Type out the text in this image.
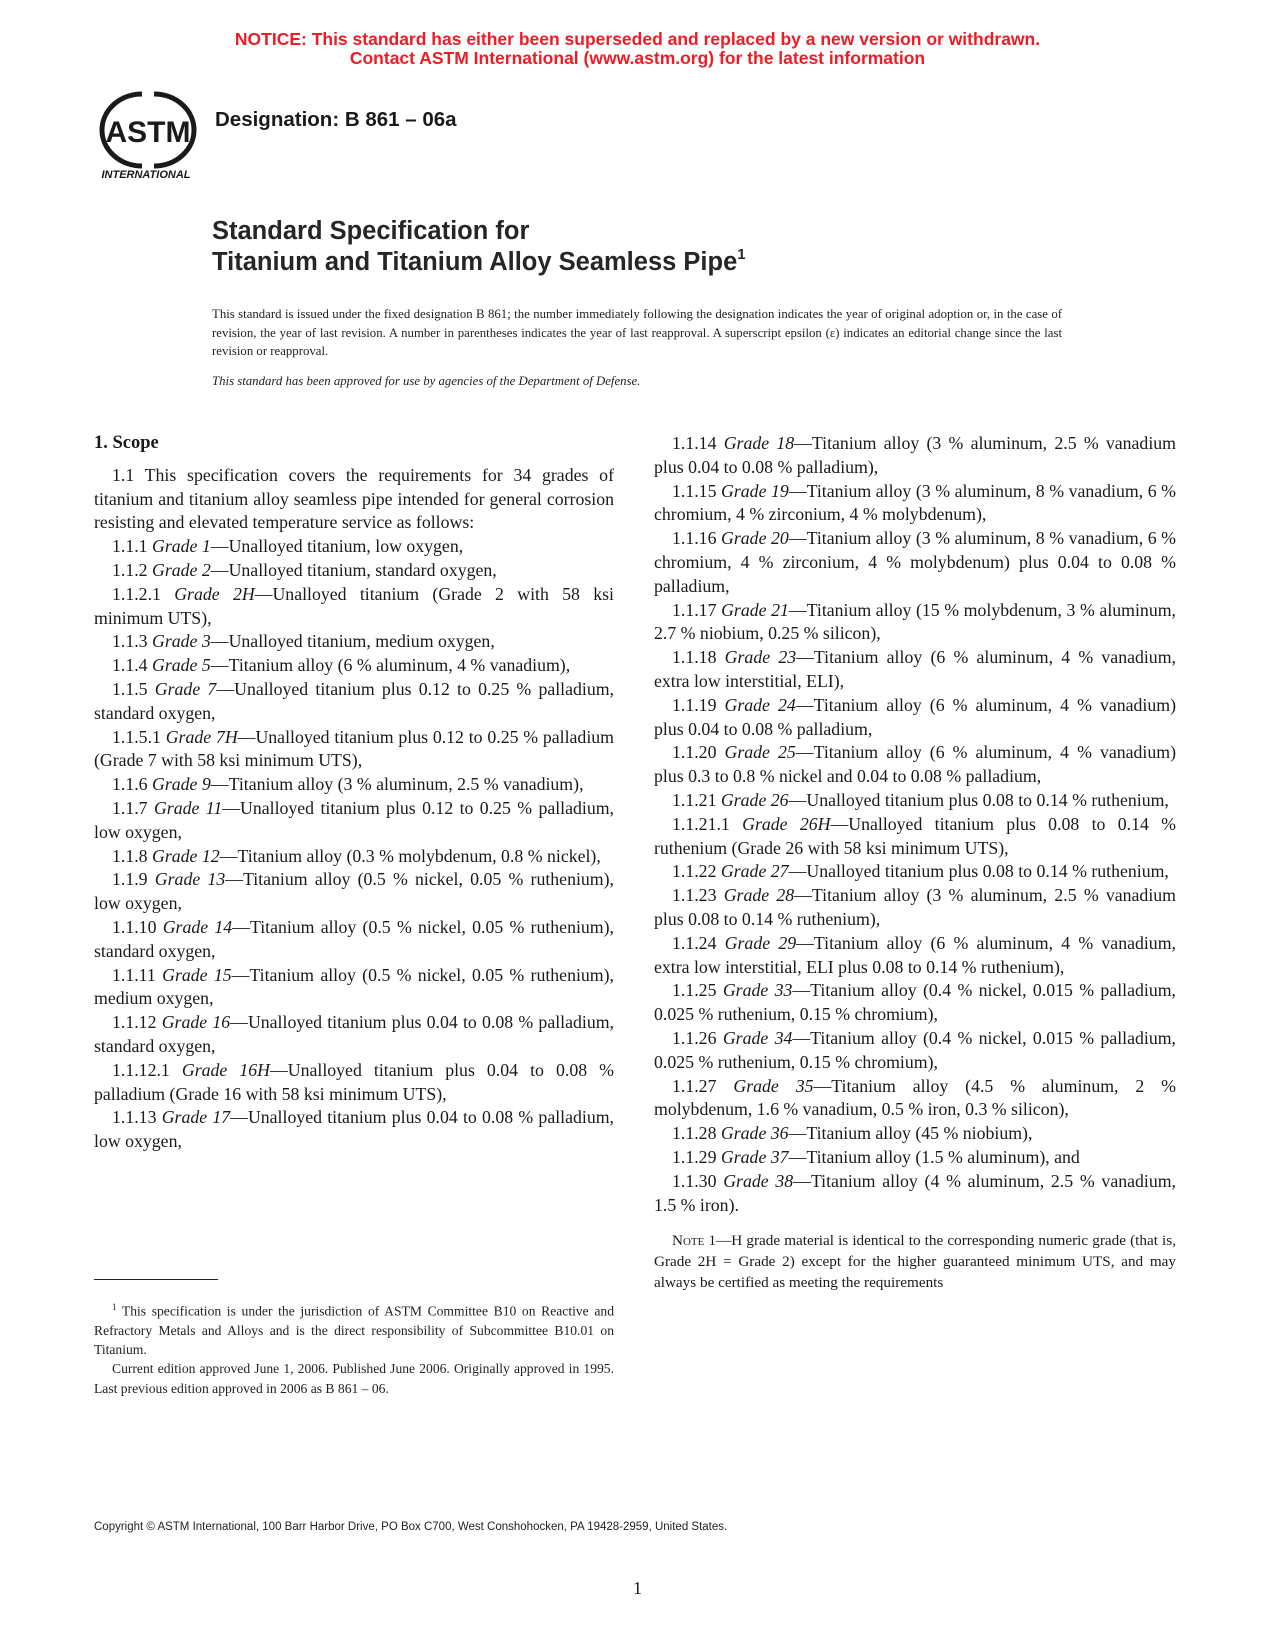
NOTICE: This standard has either been superseded and replaced by a new version or withdrawn.
Contact ASTM International (www.astm.org) for the latest information
ASTM
INTERNATIONAL
Designation: B 861 – 06a
Standard Specification for
Titanium and Titanium Alloy Seamless Pipe$^1$
This standard is issued under the fixed designation B 861; the number immediately following the designation indicates the year of original adoption or, in the case of revision, the year of last revision. A number in parentheses indicates the year of last reapproval. A superscript epsilon (ε) indicates an editorial change since the last revision or reapproval.
This standard has been approved for use by agencies of the Department of Defense.
1. Scope

1.1 This specification covers the requirements for 34 grades of titanium and titanium alloy seamless pipe intended for general corrosion resisting and elevated temperature service as follows:

1.1.1 Grade 1—Unalloyed titanium, low oxygen,

1.1.2 Grade 2—Unalloyed titanium, standard oxygen,

1.1.2.1 Grade 2H—Unalloyed titanium (Grade 2 with 58 ksi minimum UTS),

1.1.3 Grade 3—Unalloyed titanium, medium oxygen,

1.1.4 Grade 5—Titanium alloy (6 % aluminum, 4 % vanadium),

1.1.5 Grade 7—Unalloyed titanium plus 0.12 to 0.25 % palladium, standard oxygen,

1.1.5.1 Grade 7H—Unalloyed titanium plus 0.12 to 0.25 % palladium (Grade 7 with 58 ksi minimum UTS),

1.1.6 Grade 9—Titanium alloy (3 % aluminum, 2.5 % vanadium),

1.1.7 Grade 11—Unalloyed titanium plus 0.12 to 0.25 % palladium, low oxygen,

1.1.8 Grade 12—Titanium alloy (0.3 % molybdenum, 0.8 % nickel),

1.1.9 Grade 13—Titanium alloy (0.5 % nickel, 0.05 % ruthenium), low oxygen,

1.1.10 Grade 14—Titanium alloy (0.5 % nickel, 0.05 % ruthenium), standard oxygen,

1.1.11 Grade 15—Titanium alloy (0.5 % nickel, 0.05 % ruthenium), medium oxygen,

1.1.12 Grade 16—Unalloyed titanium plus 0.04 to 0.08 % palladium, standard oxygen,

1.1.12.1 Grade 16H—Unalloyed titanium plus 0.04 to 0.08 % palladium (Grade 16 with 58 ksi minimum UTS),

1.1.13 Grade 17—Unalloyed titanium plus 0.04 to 0.08 % palladium, low oxygen,

1.1.14 Grade 18—Titanium alloy (3 % aluminum, 2.5 % vanadium plus 0.04 to 0.08 % palladium),

1.1.15 Grade 19—Titanium alloy (3 % aluminum, 8 % vanadium, 6 % chromium, 4 % zirconium, 4 % molybdenum),

1.1.16 Grade 20—Titanium alloy (3 % aluminum, 8 % vanadium, 6 % chromium, 4 % zirconium, 4 % molybdenum) plus 0.04 to 0.08 % palladium,

1.1.17 Grade 21—Titanium alloy (15 % molybdenum, 3 % aluminum, 2.7 % niobium, 0.25 % silicon),

1.1.18 Grade 23—Titanium alloy (6 % aluminum, 4 % vanadium, extra low interstitial, ELI),

1.1.19 Grade 24—Titanium alloy (6 % aluminum, 4 % vanadium) plus 0.04 to 0.08 % palladium,

1.1.20 Grade 25—Titanium alloy (6 % aluminum, 4 % vanadium) plus 0.3 to 0.8 % nickel and 0.04 to 0.08 % palladium,

1.1.21 Grade 26—Unalloyed titanium plus 0.08 to 0.14 % ruthenium,

1.1.21.1 Grade 26H—Unalloyed titanium plus 0.08 to 0.14 % ruthenium (Grade 26 with 58 ksi minimum UTS),

1.1.22 Grade 27—Unalloyed titanium plus 0.08 to 0.14 % ruthenium,

1.1.23 Grade 28—Titanium alloy (3 % aluminum, 2.5 % vanadium plus 0.08 to 0.14 % ruthenium),

1.1.24 Grade 29—Titanium alloy (6 % aluminum, 4 % vanadium, extra low interstitial, ELI plus 0.08 to 0.14 % ruthenium),

1.1.25 Grade 33—Titanium alloy (0.4 % nickel, 0.015 % palladium, 0.025 % ruthenium, 0.15 % chromium),

1.1.26 Grade 34—Titanium alloy (0.4 % nickel, 0.015 % palladium, 0.025 % ruthenium, 0.15 % chromium),

1.1.27 Grade 35—Titanium alloy (4.5 % aluminum, 2 % molybdenum, 1.6 % vanadium, 0.5 % iron, 0.3 % silicon),

1.1.28 Grade 36—Titanium alloy (45 % niobium),

1.1.29 Grade 37—Titanium alloy (1.5 % aluminum), and

1.1.30 Grade 38—Titanium alloy (4 % aluminum, 2.5 % vanadium, 1.5 % iron).

Note 1—H grade material is identical to the corresponding numeric grade (that is, Grade 2H = Grade 2) except for the higher guaranteed minimum UTS, and may always be certified as meeting the requirements

$^1$ This specification is under the jurisdiction of ASTM Committee B10 on Reactive and Refractory Metals and Alloys and is the direct responsibility of Subcommittee B10.01 on Titanium.

Current edition approved June 1, 2006. Published June 2006. Originally approved in 1995. Last previous edition approved in 2006 as B 861 – 06.

Copyright © ASTM International, 100 Barr Harbor Drive, PO Box C700, West Conshohocken, PA 19428-2959, United States.
1
